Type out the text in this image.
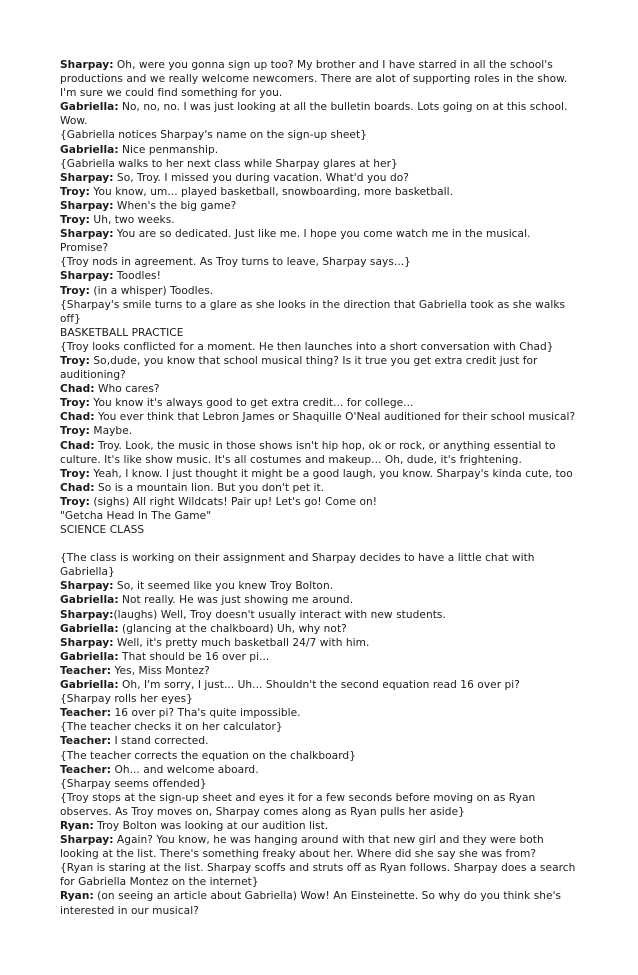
Sharpay: Oh, were you gonna sign up too? My brother and I have starred in all the school's productions and we really welcome newcomers. There are alot of supporting roles in the show. I'm sure we could find something for you.

Gabriella: No, no, no. I was just looking at all the bulletin boards. Lots going on at this school. Wow.

{Gabriella notices Sharpay's name on the sign-up sheet}

Gabriella: Nice penmanship.

{Gabriella walks to her next class while Sharpay glares at her}

Sharpay: So, Troy. I missed you during vacation. What'd you do?

Troy: You know, um... played basketball, snowboarding, more basketball.

Sharpay: When's the big game?

Troy: Uh, two weeks.

Sharpay: You are so dedicated. Just like me. I hope you come watch me in the musical. Promise?

{Troy nods in agreement. As Troy turns to leave, Sharpay says...}

Sharpay: Toodles!

Troy: (in a whisper) Toodles.

{Sharpay's smile turns to a glare as she looks in the direction that Gabriella took as she walks off}

BASKETBALL PRACTICE

{Troy looks conflicted for a moment. He then launches into a short conversation with Chad}

Troy: So,dude, you know that school musical thing? Is it true you get extra credit just for auditioning?

Chad: Who cares?

Troy: You know it's always good to get extra credit... for college...

Chad: You ever think that Lebron James or Shaquille O'Neal auditioned for their school musical?

Troy: Maybe.

Chad: Troy. Look, the music in those shows isn't hip hop, ok or rock, or anything essential to culture. It's like show music. It's all costumes and makeup... Oh, dude, it's frightening.

Troy: Yeah, I know. I just thought it might be a good laugh, you know. Sharpay's kinda cute, too

Chad: So is a mountain lion. But you don't pet it.

Troy: (sighs) All right Wildcats! Pair up! Let's go! Come on!

"Getcha Head In The Game"

SCIENCE CLASS

{The class is working on their assignment and Sharpay decides to have a little chat with Gabriella}

Sharpay: So, it seemed like you knew Troy Bolton.

Gabriella: Not really. He was just showing me around.

Sharpay:(laughs) Well, Troy doesn't usually interact with new students.

Gabriella: (glancing at the chalkboard) Uh, why not?

Sharpay: Well, it's pretty much basketball 24/7 with him.

Gabriella: That should be 16 over pi...

Teacher: Yes, Miss Montez?

Gabriella: Oh, I'm sorry, I just... Uh... Shouldn't the second equation read 16 over pi?

{Sharpay rolls her eyes}

Teacher: 16 over pi? Tha's quite impossible.

{The teacher checks it on her calculator}

Teacher: I stand corrected.

{The teacher corrects the equation on the chalkboard}

Teacher: Oh... and welcome aboard.

{Sharpay seems offended}

{Troy stops at the sign-up sheet and eyes it for a few seconds before moving on as Ryan observes. As Troy moves on, Sharpay comes along as Ryan pulls her aside}

Ryan: Troy Bolton was looking at our audition list.

Sharpay: Again? You know, he was hanging around with that new girl and they were both looking at the list. There's something freaky about her. Where did she say she was from?

{Ryan is staring at the list. Sharpay scoffs and struts off as Ryan follows. Sharpay does a search for Gabriella Montez on the internet}

Ryan: (on seeing an article about Gabriella) Wow! An Einsteinette. So why do you think she's interested in our musical?
